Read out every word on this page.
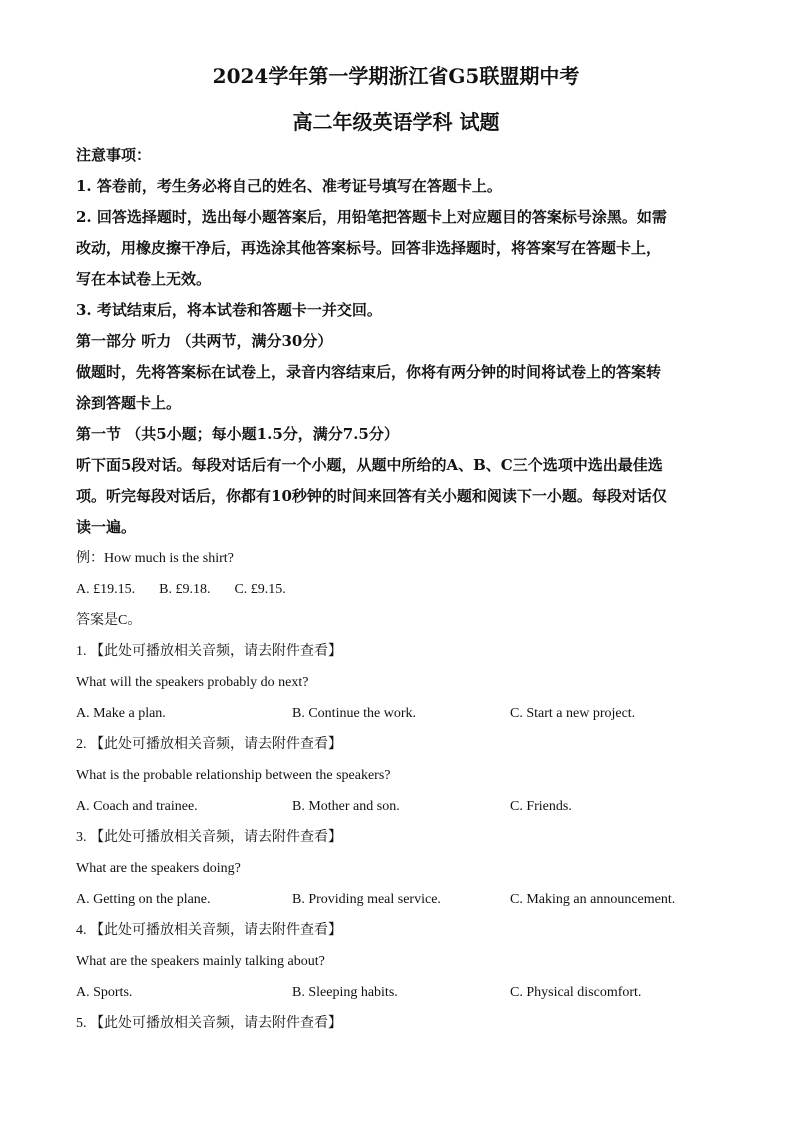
2024学年第一学期浙江省G5联盟期中考
高二年级英语学科 试题
注意事项：
1. 答卷前，考生务必将自己的姓名、准考证号填写在答题卡上。
2. 回答选择题时，选出每小题答案后，用铅笔把答题卡上对应题目的答案标号涂黑。如需
改动，用橡皮擦干净后，再选涂其他答案标号。回答非选择题时，将答案写在答题卡上，
写在本试卷上无效。
3. 考试结束后，将本试卷和答题卡一并交回。
第一部分 听力 （共两节，满分30分）
做题时，先将答案标在试卷上，录音内容结束后，你将有两分钟的时间将试卷上的答案转
涂到答题卡上。
第一节 （共5小题；每小题1.5分，满分7.5分）
听下面5段对话。每段对话后有一个小题，从题中所给的A、B、C三个选项中选出最佳选
项。听完每段对话后，你都有10秒钟的时间来回答有关小题和阅读下一小题。每段对话仅
读一遍。
例：How much is the shirt?
A. £19.15. B. £9.18. C. £9.15.
答案是C。
1. 【此处可播放相关音频，请去附件查看】
What will the speakers probably do next?
A. Make a plan.	B. Continue the work.	C. Start a new project.
2. 【此处可播放相关音频，请去附件查看】
What is the probable relationship between the speakers?
A. Coach and trainee.	B. Mother and son.	C. Friends.
3. 【此处可播放相关音频，请去附件查看】
What are the speakers doing?
A. Getting on the plane.	B. Providing meal service.	C. Making an announcement.
4. 【此处可播放相关音频，请去附件查看】
What are the speakers mainly talking about?
A. Sports.	B. Sleeping habits.	C. Physical discomfort.
5. 【此处可播放相关音频，请去附件查看】
